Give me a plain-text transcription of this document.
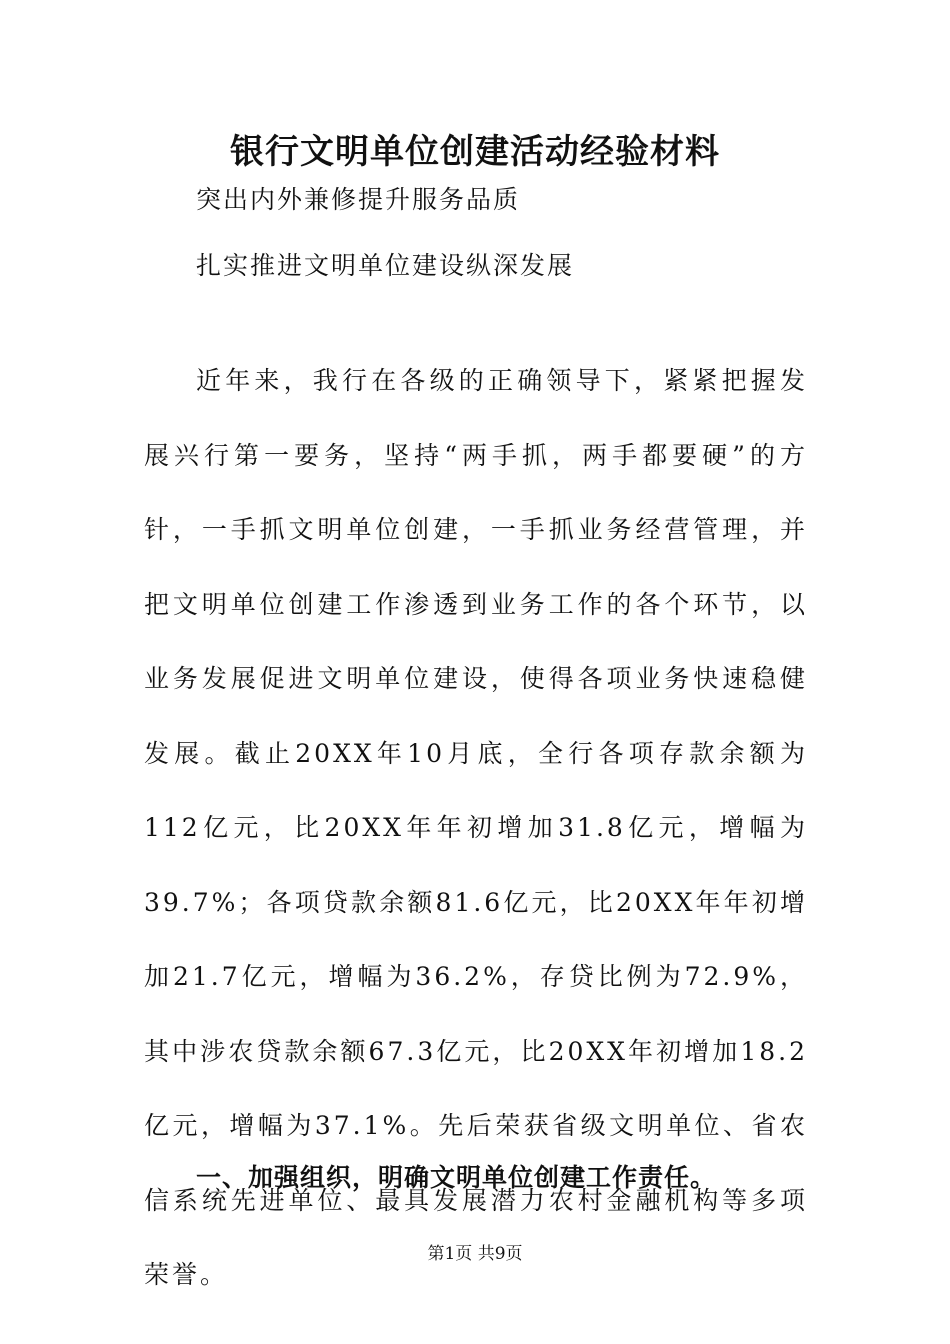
银行文明单位创建活动经验材料
突出内外兼修提升服务品质
扎实推进文明单位建设纵深发展

近年来，我行在各级的正确领导下，紧紧把握发展兴行第一要务，坚持“两手抓，两手都要硬”的方针，一手抓文明单位创建，一手抓业务经营管理，并把文明单位创建工作渗透到业务工作的各个环节，以业务发展促进文明单位建设，使得各项业务快速稳健发展。截止20XX年10月底，全行各项存款余额为112亿元，比20XX年年初增加31.8亿元，增幅为39.7%；各项贷款余额81.6亿元，比20XX年年初增加21.7亿元，增幅为36.2%，存贷比例为72.9%，其中涉农贷款余额67.3亿元，比20XX年初增加18.2亿元，增幅为37.1%。先后荣获省级文明单位、省农信系统先进单位、最具发展潜力农村金融机构等多项荣誉。

一、加强组织，明确文明单位创建工作责任。
第1页 共9页
